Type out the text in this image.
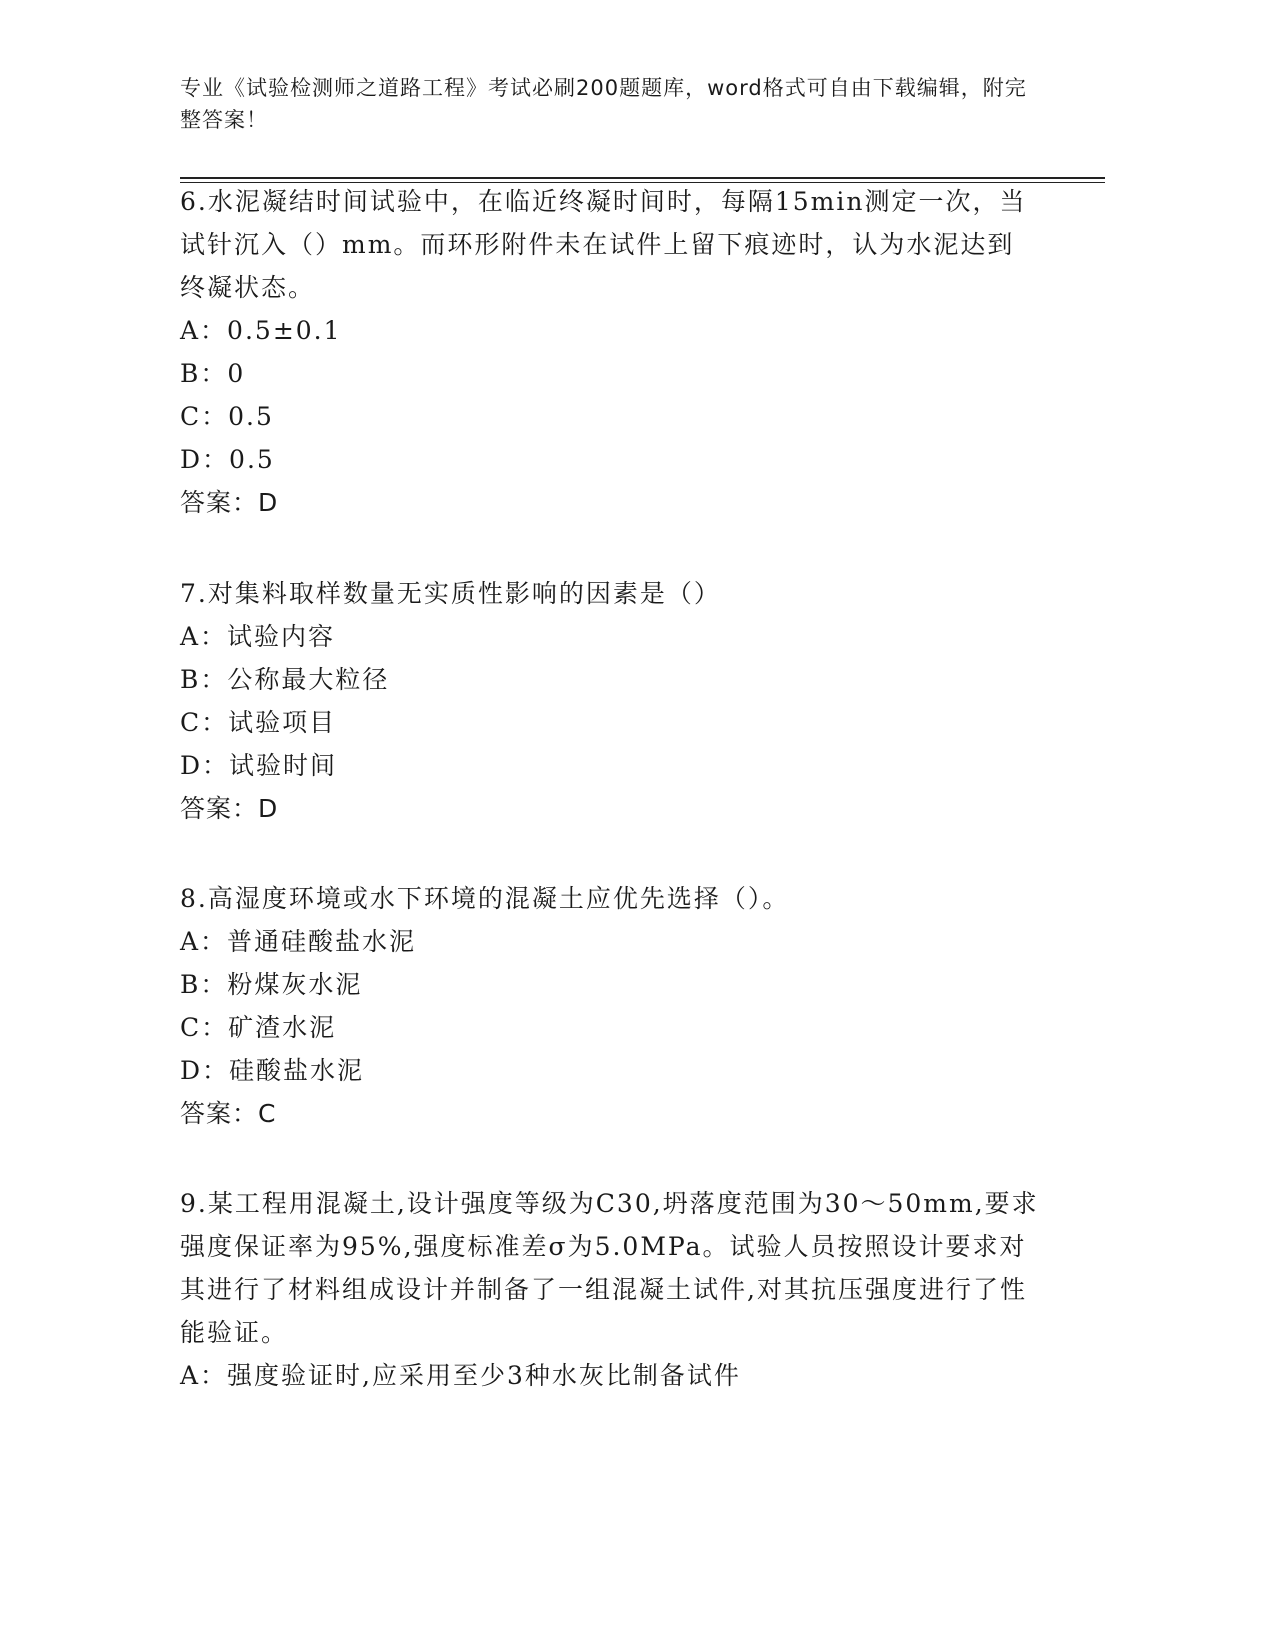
专业《试验检测师之道路工程》考试必刷200题题库，word格式可自由下载编辑，附完整答案！

6.水泥凝结时间试验中，在临近终凝时间时，每隔15min测定一次，当试针沉入（）mm。而环形附件未在试件上留下痕迹时，认为水泥达到终凝状态。

A：0.5±0.1

B：0

C：0.5

D：0.5

答案：D

7.对集料取样数量无实质性影响的因素是（）

A：试验内容

B：公称最大粒径

C：试验项目

D：试验时间

答案：D

8.高湿度环境或水下环境的混凝土应优先选择（）。

A：普通硅酸盐水泥

B：粉煤灰水泥

C：矿渣水泥

D：硅酸盐水泥

答案：C

9.某工程用混凝土,设计强度等级为C30,坍落度范围为30～50mm,要求强度保证率为95%,强度标准差σ为5.0MPa。试验人员按照设计要求对其进行了材料组成设计并制备了一组混凝土试件,对其抗压强度进行了性能验证。

A：强度验证时,应采用至少3种水灰比制备试件
